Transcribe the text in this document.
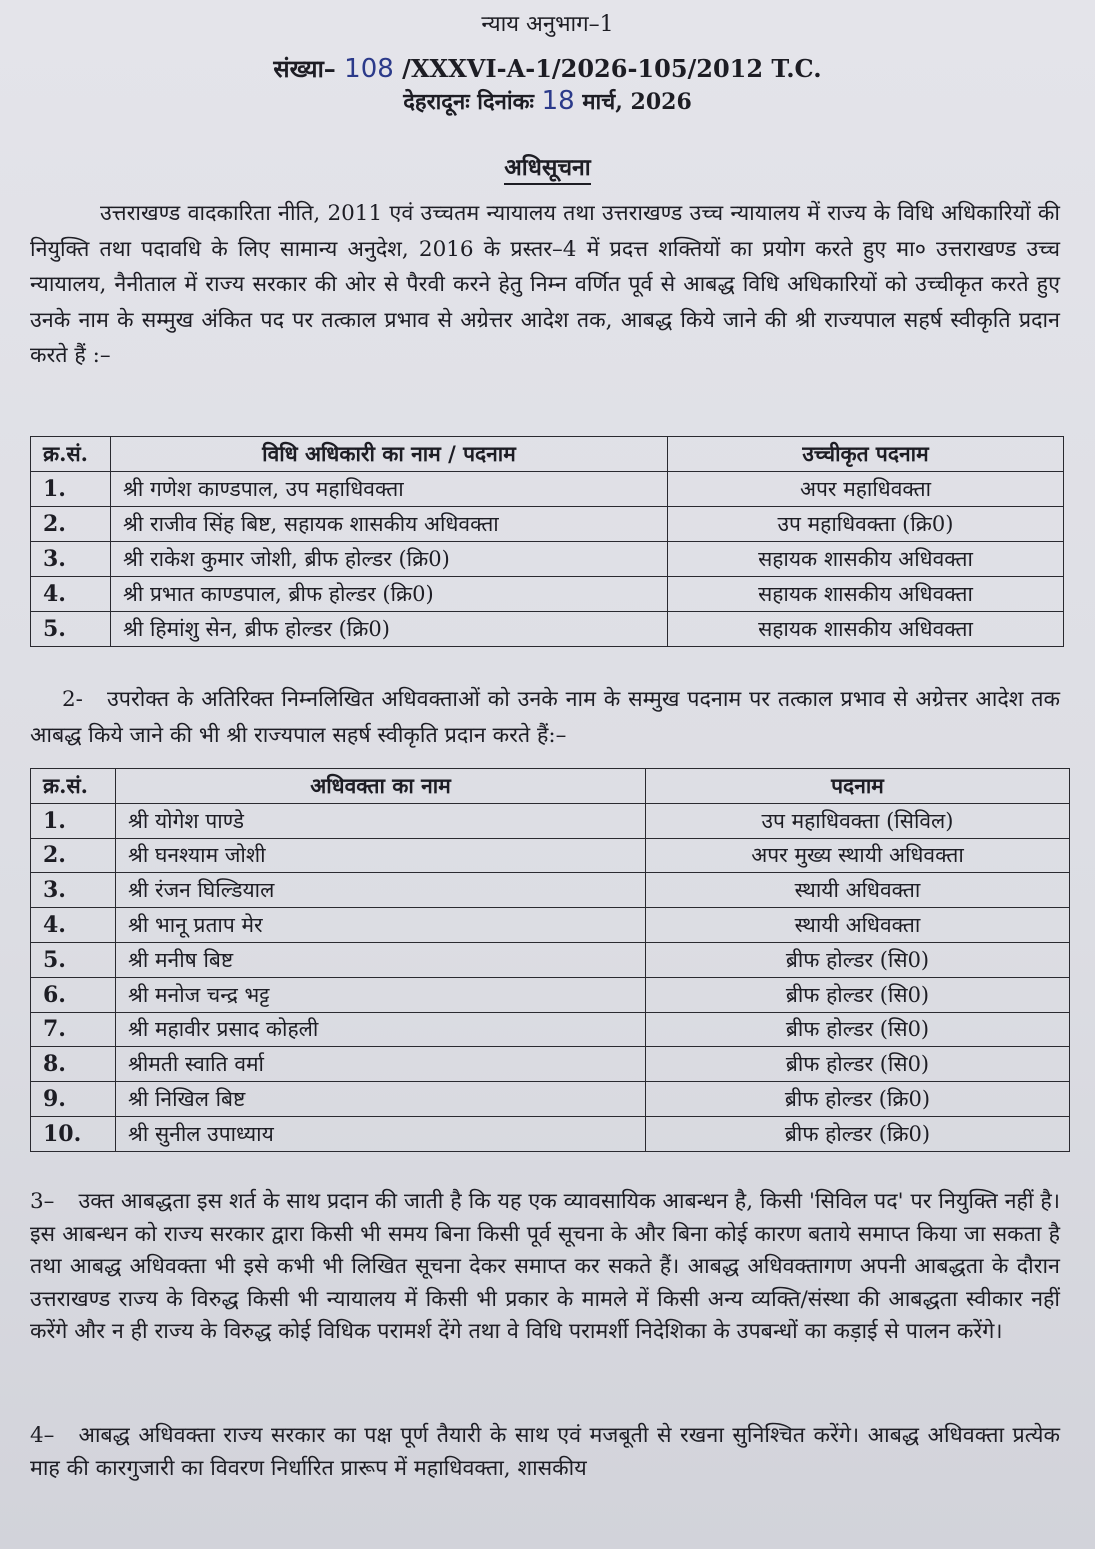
न्याय अनुभाग–1
संख्या– 108 /XXXVI-A-1/2026-105/2012 T.C.
देहरादूनः दिनांकः 18 मार्च, 2026
अधिसूचना
उत्तराखण्ड वादकारिता नीति, 2011 एवं उच्चतम न्यायालय तथा उत्तराखण्ड उच्च न्यायालय में राज्य के विधि अधिकारियों की नियुक्ति तथा पदावधि के लिए सामान्य अनुदेश, 2016 के प्रस्तर–4 में प्रदत्त शक्तियों का प्रयोग करते हुए मा० उत्तराखण्ड उच्च न्यायालय, नैनीताल में राज्य सरकार की ओर से पैरवी करने हेतु निम्न वर्णित पूर्व से आबद्ध विधि अधिकारियों को उच्चीकृत करते हुए उनके नाम के सम्मुख अंकित पद पर तत्काल प्रभाव से अग्रेत्तर आदेश तक, आबद्ध किये जाने की श्री राज्यपाल सहर्ष स्वीकृति प्रदान करते हैं :–
क्र.सं.	विधि अधिकारी का नाम / पदनाम	उच्चीकृत पदनाम
1.	श्री गणेश काण्डपाल, उप महाधिवक्ता	अपर महाधिवक्ता
2.	श्री राजीव सिंह बिष्ट, सहायक शासकीय अधिवक्ता	उप महाधिवक्ता (क्रि0)
3.	श्री राकेश कुमार जोशी, ब्रीफ होल्डर (क्रि0)	सहायक शासकीय अधिवक्ता
4.	श्री प्रभात काण्डपाल, ब्रीफ होल्डर (क्रि0)	सहायक शासकीय अधिवक्ता
5.	श्री हिमांशु सेन, ब्रीफ होल्डर (क्रि0)	सहायक शासकीय अधिवक्ता
2- उपरोक्त के अतिरिक्त निम्नलिखित अधिवक्ताओं को उनके नाम के सम्मुख पदनाम पर तत्काल प्रभाव से अग्रेत्तर आदेश तक आबद्ध किये जाने की भी श्री राज्यपाल सहर्ष स्वीकृति प्रदान करते हैं:–
क्र.सं.	अधिवक्ता का नाम	पदनाम
1.	श्री योगेश पाण्डे	उप महाधिवक्ता (सिविल)
2.	श्री घनश्याम जोशी	अपर मुख्य स्थायी अधिवक्ता
3.	श्री रंजन घिल्डियाल	स्थायी अधिवक्ता
4.	श्री भानू प्रताप मेर	स्थायी अधिवक्ता
5.	श्री मनीष बिष्ट	ब्रीफ होल्डर (सि0)
6.	श्री मनोज चन्द्र भट्ट	ब्रीफ होल्डर (सि0)
7.	श्री महावीर प्रसाद कोहली	ब्रीफ होल्डर (सि0)
8.	श्रीमती स्वाति वर्मा	ब्रीफ होल्डर (सि0)
9.	श्री निखिल बिष्ट	ब्रीफ होल्डर (क्रि0)
10.	श्री सुनील उपाध्याय	ब्रीफ होल्डर (क्रि0)
3– उक्त आबद्धता इस शर्त के साथ प्रदान की जाती है कि यह एक व्यावसायिक आबन्धन है, किसी 'सिविल पद' पर नियुक्ति नहीं है। इस आबन्धन को राज्य सरकार द्वारा किसी भी समय बिना किसी पूर्व सूचना के और बिना कोई कारण बताये समाप्त किया जा सकता है तथा आबद्ध अधिवक्ता भी इसे कभी भी लिखित सूचना देकर समाप्त कर सकते हैं। आबद्ध अधिवक्तागण अपनी आबद्धता के दौरान उत्तराखण्ड राज्य के विरुद्ध किसी भी न्यायालय में किसी भी प्रकार के मामले में किसी अन्य व्यक्ति/संस्था की आबद्धता स्वीकार नहीं करेंगे और न ही राज्य के विरुद्ध कोई विधिक परामर्श देंगे तथा वे विधि परामर्शी निदेशिका के उपबन्धों का कड़ाई से पालन करेंगे।
4– आबद्ध अधिवक्ता राज्य सरकार का पक्ष पूर्ण तैयारी के साथ एवं मजबूती से रखना सुनिश्चित करेंगे। आबद्ध अधिवक्ता प्रत्येक माह की कारगुजारी का विवरण निर्धारित प्रारूप में महाधिवक्ता, शासकीय
